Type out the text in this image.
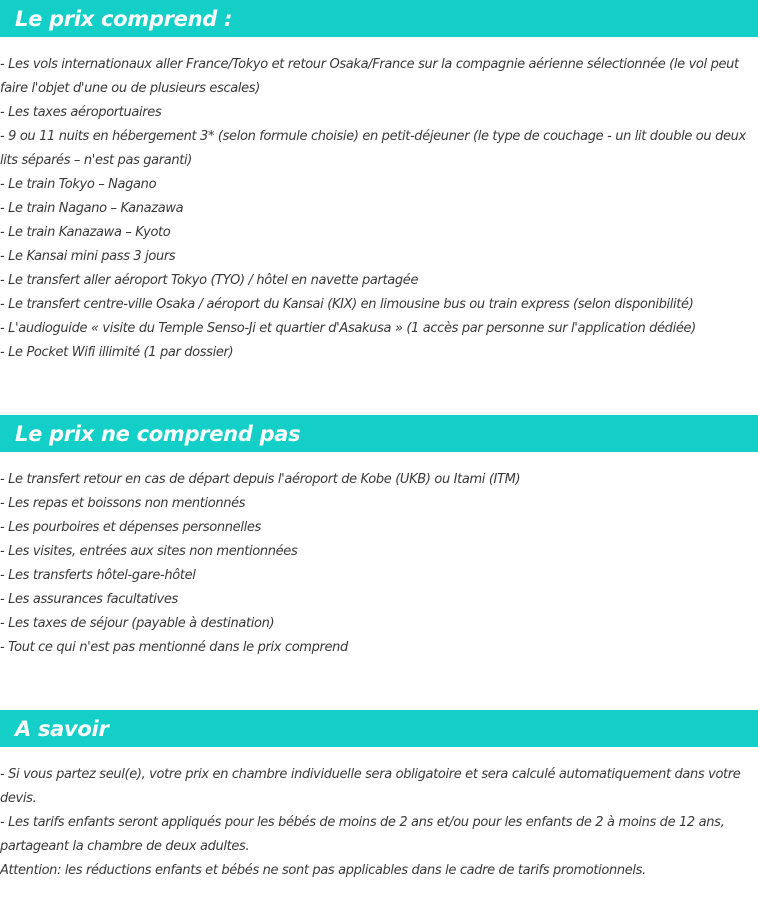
Le prix comprend :
- Les vols internationaux aller France/Tokyo et retour Osaka/France sur la compagnie aérienne sélectionnée (le vol peut
faire l'objet d'une ou de plusieurs escales)
- Les taxes aéroportuaires
- 9 ou 11 nuits en hébergement 3* (selon formule choisie) en petit-déjeuner (le type de couchage - un lit double ou deux
lits séparés – n'est pas garanti)
- Le train Tokyo – Nagano
- Le train Nagano – Kanazawa
- Le train Kanazawa – Kyoto
- Le Kansai mini pass 3 jours
- Le transfert aller aéroport Tokyo (TYO) / hôtel en navette partagée
- Le transfert centre-ville Osaka / aéroport du Kansai (KIX) en limousine bus ou train express (selon disponibilité)
- L'audioguide « visite du Temple Senso-Ji et quartier d'Asakusa » (1 accès par personne sur l'application dédiée)
- Le Pocket Wifi illimité (1 par dossier)
Le prix ne comprend pas
- Le transfert retour en cas de départ depuis l'aéroport de Kobe (UKB) ou Itami (ITM)
- Les repas et boissons non mentionnés
- Les pourboires et dépenses personnelles
- Les visites, entrées aux sites non mentionnées
- Les transferts hôtel-gare-hôtel
- Les assurances facultatives
- Les taxes de séjour (payable à destination)
- Tout ce qui n'est pas mentionné dans le prix comprend
A savoir
- Si vous partez seul(e), votre prix en chambre individuelle sera obligatoire et sera calculé automatiquement dans votre
devis.
- Les tarifs enfants seront appliqués pour les bébés de moins de 2 ans et/ou pour les enfants de 2 à moins de 12 ans,
partageant la chambre de deux adultes.
Attention: les réductions enfants et bébés ne sont pas applicables dans le cadre de tarifs promotionnels.
